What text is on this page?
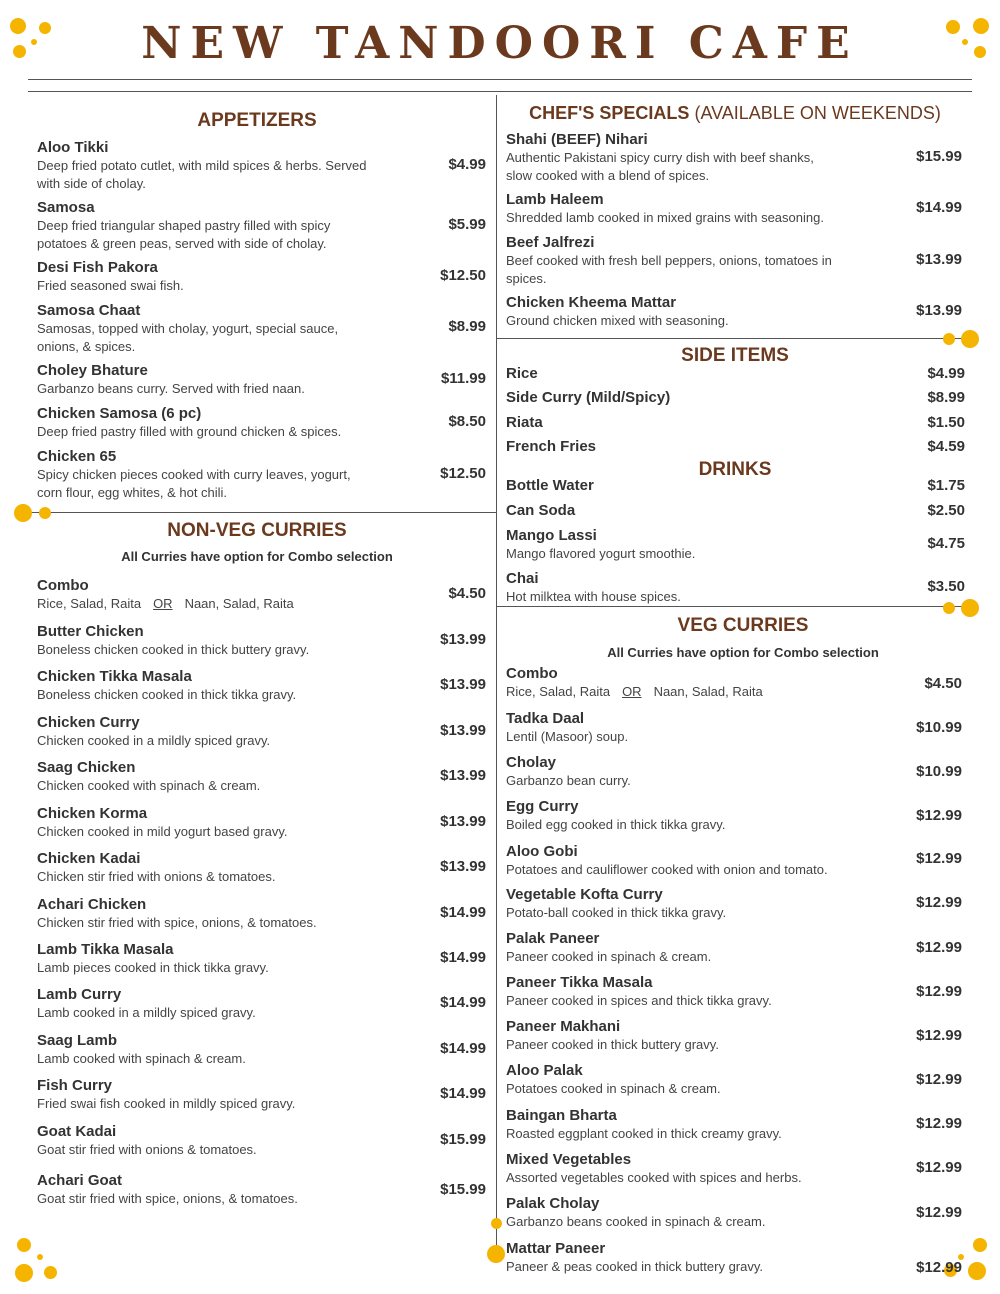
NEW TANDOORI CAFE
APPETIZERS
Aloo Tikki
Deep fried potato cutlet, with mild spices & herbs. Served
with side of cholay.
$4.99
Samosa
Deep fried triangular shaped pastry filled with spicy
potatoes & green peas, served with side of cholay.
$5.99
Desi Fish Pakora
Fried seasoned swai fish.
$12.50
Samosa Chaat
Samosas, topped with cholay, yogurt, special sauce,
onions, & spices.
$8.99
Choley Bhature
Garbanzo beans curry. Served with fried naan.
$11.99
Chicken Samosa (6 pc)
Deep fried pastry filled with ground chicken & spices.
$8.50
Chicken 65
Spicy chicken pieces cooked with curry leaves, yogurt,
corn flour, egg whites, & hot chili.
$12.50
NON-VEG CURRIES
All Curries have option for Combo selection
Combo
Rice, Salad, Raita OR Naan, Salad, Raita
$4.50
Butter Chicken
Boneless chicken cooked in thick buttery gravy.
$13.99
Chicken Tikka Masala
Boneless chicken cooked in thick tikka gravy.
$13.99
Chicken Curry
Chicken cooked in a mildly spiced gravy.
$13.99
Saag Chicken
Chicken cooked with spinach & cream.
$13.99
Chicken Korma
Chicken cooked in mild yogurt based gravy.
$13.99
Chicken Kadai
Chicken stir fried with onions & tomatoes.
$13.99
Achari Chicken
Chicken stir fried with spice, onions, & tomatoes.
$14.99
Lamb Tikka Masala
Lamb pieces cooked in thick tikka gravy.
$14.99
Lamb Curry
Lamb cooked in a mildly spiced gravy.
$14.99
Saag Lamb
Lamb cooked with spinach & cream.
$14.99
Fish Curry
Fried swai fish cooked in mildly spiced gravy.
$14.99
Goat Kadai
Goat stir fried with onions & tomatoes.
$15.99
Achari Goat
Goat stir fried with spice, onions, & tomatoes.
$15.99
CHEF'S SPECIALS (AVAILABLE ON WEEKENDS)
Shahi (BEEF) Nihari
Authentic Pakistani spicy curry dish with beef shanks,
slow cooked with a blend of spices.
$15.99
Lamb Haleem
Shredded lamb cooked in mixed grains with seasoning.
$14.99
Beef Jalfrezi
Beef cooked with fresh bell peppers, onions, tomatoes in
spices.
$13.99
Chicken Kheema Mattar
Ground chicken mixed with seasoning.
$13.99
SIDE ITEMS
Rice	$4.99
Side Curry (Mild/Spicy)	$8.99
Riata	$1.50
French Fries	$4.59
DRINKS
Bottle Water	$1.75
Can Soda	$2.50
Mango Lassi
Mango flavored yogurt smoothie.
$4.75
Chai
Hot milktea with house spices.
$3.50
VEG CURRIES
All Curries have option for Combo selection
Combo
Rice, Salad, Raita OR Naan, Salad, Raita	$4.50
Tadka Daal
Lentil (Masoor) soup.
$10.99
Cholay
Garbanzo bean curry.
$10.99
Egg Curry
Boiled egg cooked in thick tikka gravy.
$12.99
Aloo Gobi
Potatoes and cauliflower cooked with onion and tomato.
$12.99
Vegetable Kofta Curry
Potato-ball cooked in thick tikka gravy.
$12.99
Palak Paneer
Paneer cooked in spinach & cream.
$12.99
Paneer Tikka Masala
Paneer cooked in spices and thick tikka gravy.
$12.99
Paneer Makhani
Paneer cooked in thick buttery gravy.
$12.99
Aloo Palak
Potatoes cooked in spinach & cream.
$12.99
Baingan Bharta
Roasted eggplant cooked in thick creamy gravy.
$12.99
Mixed Vegetables
Assorted vegetables cooked with spices and herbs.
$12.99
Palak Cholay
Garbanzo beans cooked in spinach & cream.
$12.99
Mattar Paneer
Paneer & peas cooked in thick buttery gravy.	$12.99
